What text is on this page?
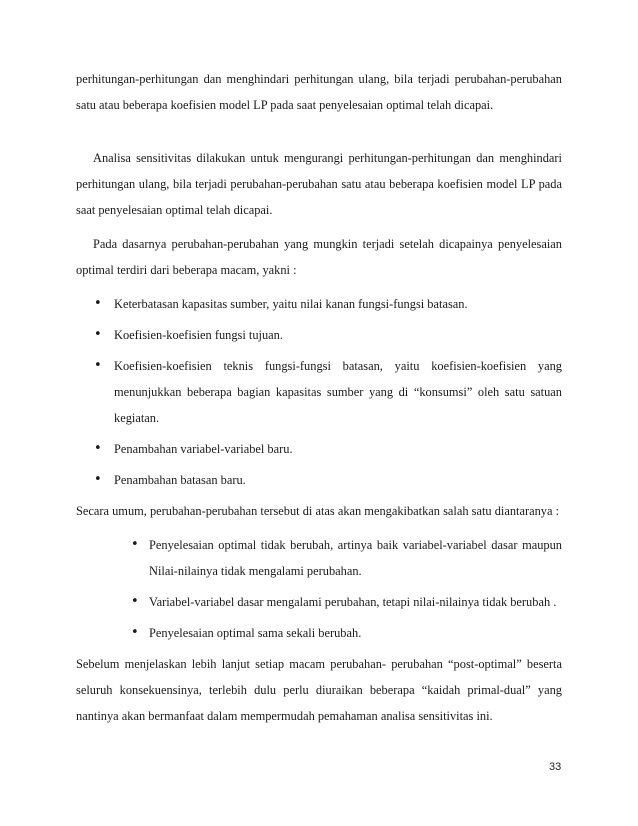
perhitungan-perhitungan dan menghindari perhitungan ulang, bila terjadi perubahan-perubahan satu atau beberapa koefisien model LP pada saat penyelesaian optimal telah dicapai.

Analisa sensitivitas dilakukan untuk mengurangi perhitungan-perhitungan dan menghindari perhitungan ulang, bila terjadi perubahan-perubahan satu atau beberapa koefisien model LP pada saat penyelesaian optimal telah dicapai.

Pada dasarnya perubahan-perubahan yang mungkin terjadi setelah dicapainya penyelesaian optimal terdiri dari beberapa macam, yakni :

• Keterbatasan kapasitas sumber, yaitu nilai kanan fungsi-fungsi batasan.
• Koefisien-koefisien fungsi tujuan.
• Koefisien-koefisien teknis fungsi-fungsi batasan, yaitu koefisien-koefisien yang menunjukkan beberapa bagian kapasitas sumber yang di “konsumsi” oleh satu satuan kegiatan.
• Penambahan variabel-variabel baru.
• Penambahan batasan baru.

Secara umum, perubahan-perubahan tersebut di atas akan mengakibatkan salah satu diantaranya :

• Penyelesaian optimal tidak berubah, artinya baik variabel-variabel dasar maupun Nilai-nilainya tidak mengalami perubahan.
• Variabel-variabel dasar mengalami perubahan, tetapi nilai-nilainya tidak berubah .
• Penyelesaian optimal sama sekali berubah.

Sebelum menjelaskan lebih lanjut setiap macam perubahan- perubahan “post-optimal” beserta seluruh konsekuensinya, terlebih dulu perlu diuraikan beberapa “kaidah primal-dual” yang nantinya akan bermanfaat dalam mempermudah pemahaman analisa sensitivitas ini.

33
